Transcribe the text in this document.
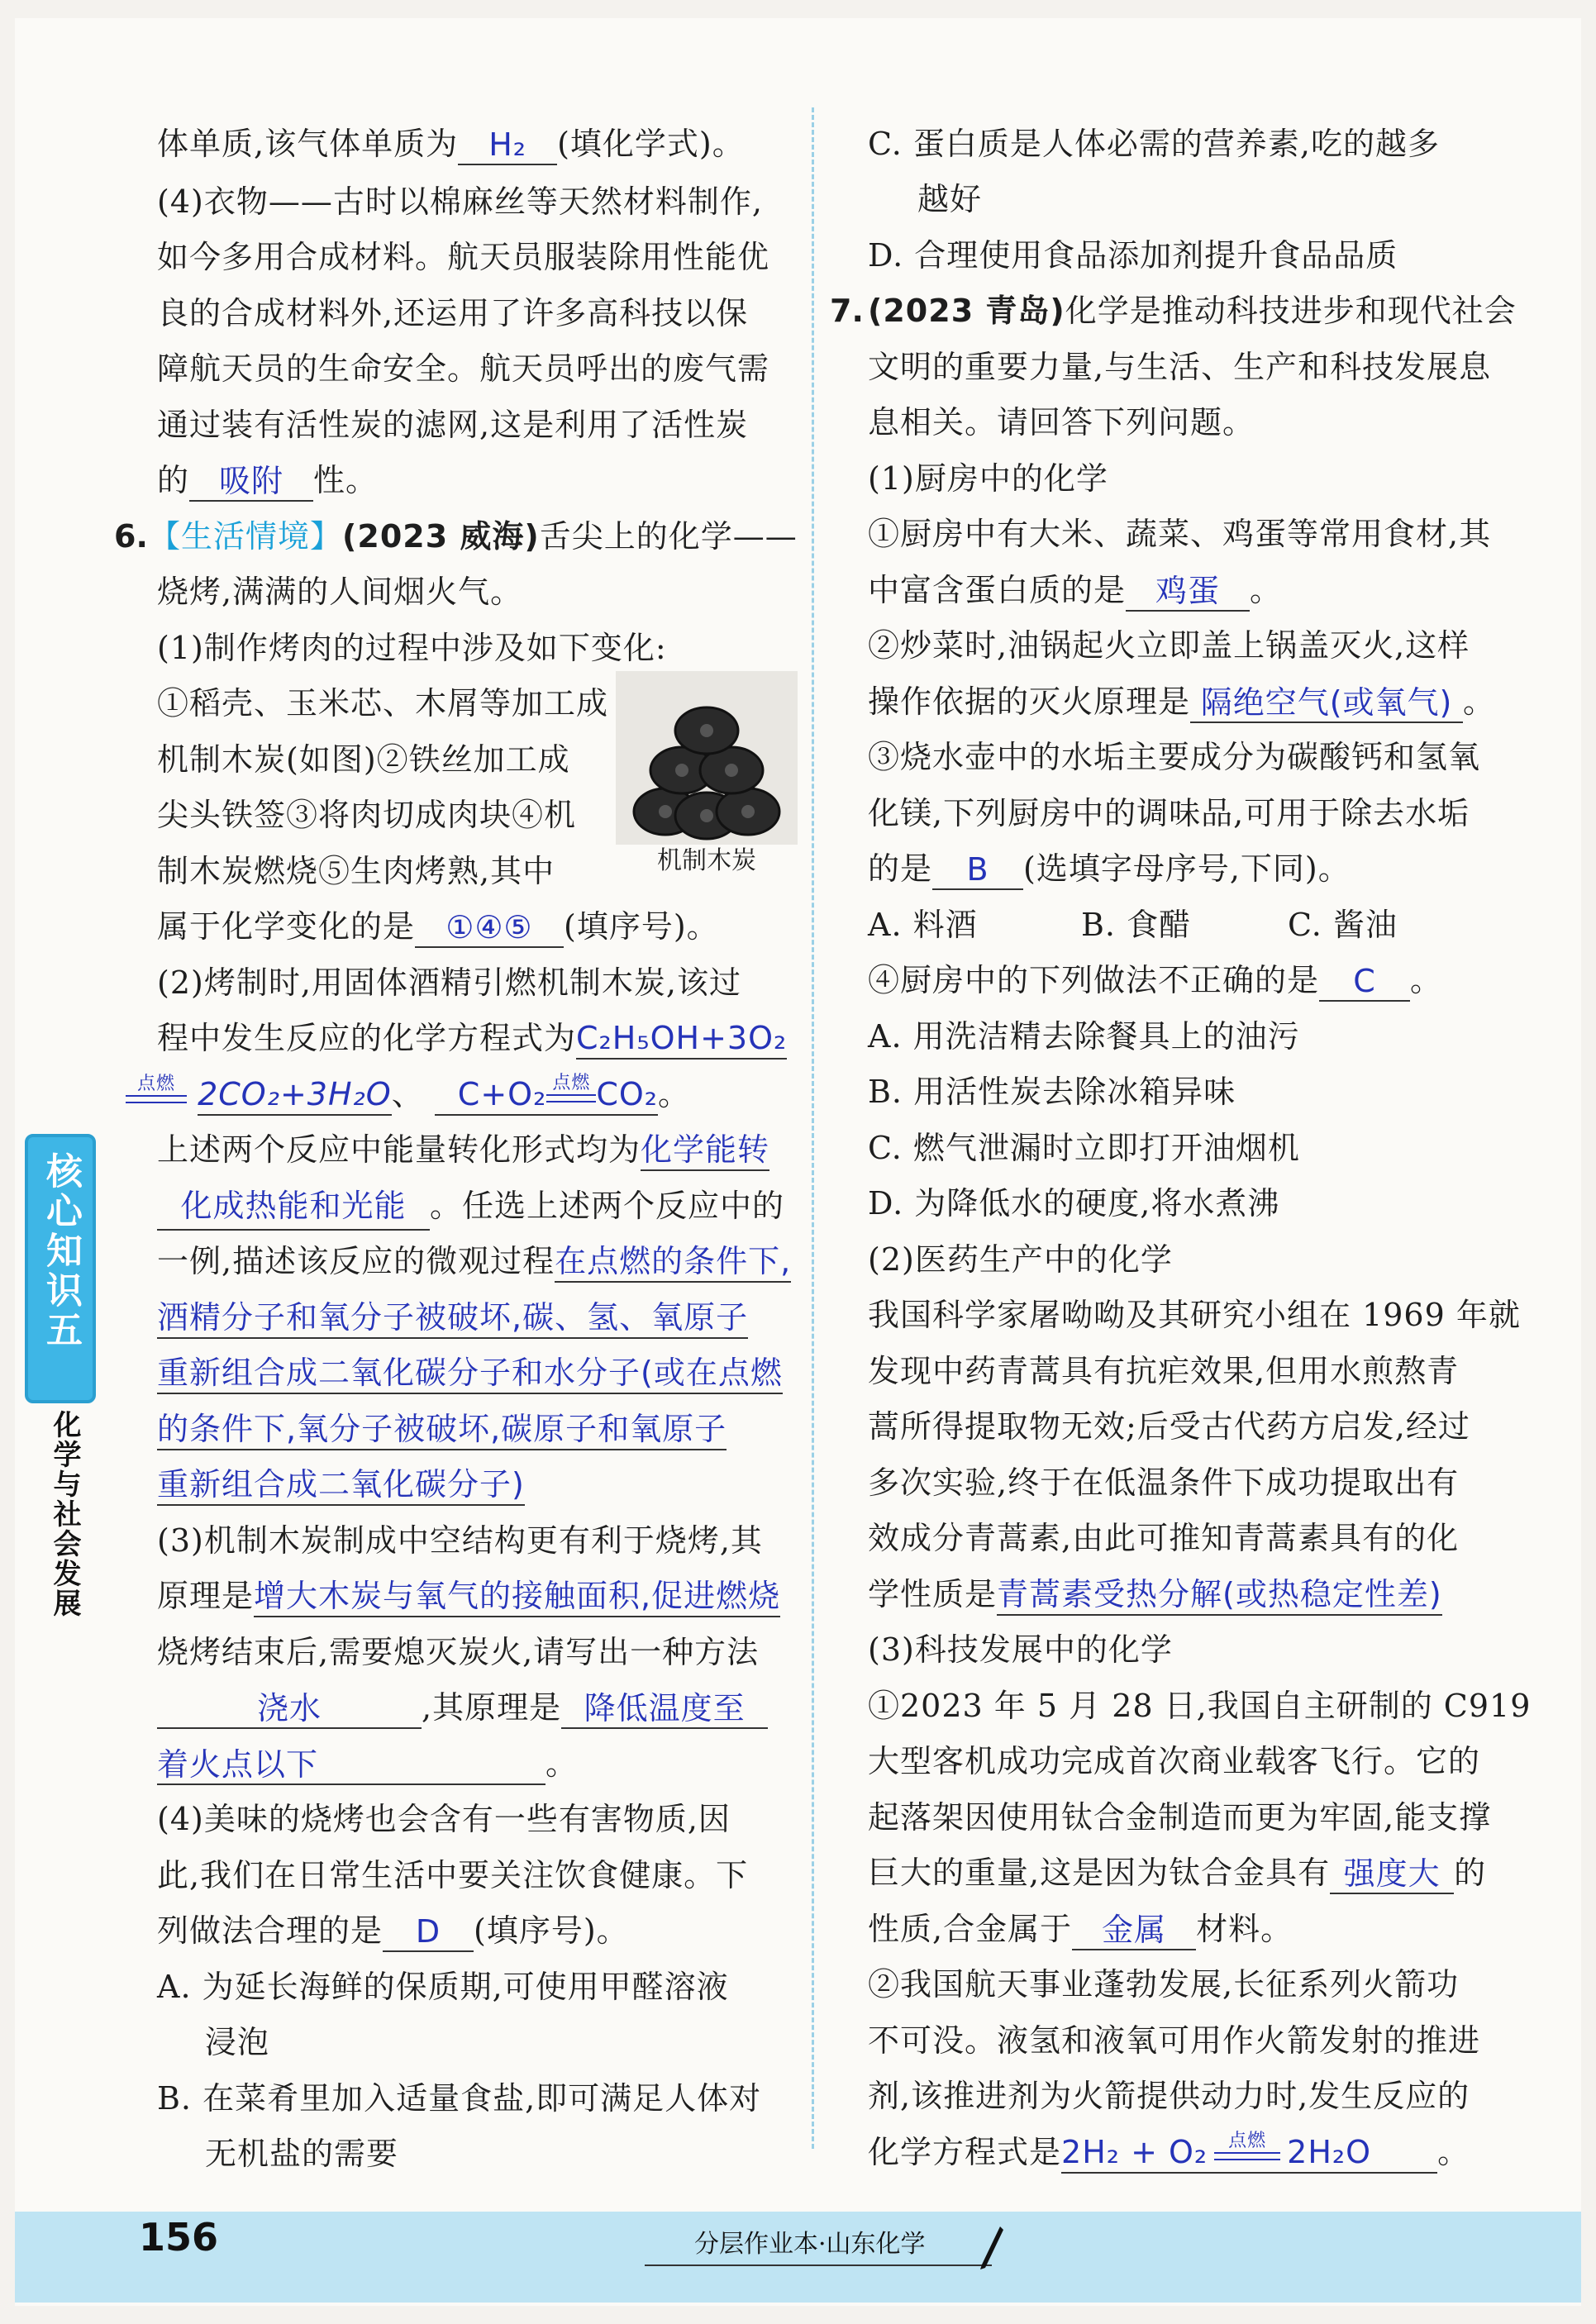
体单质,该气体单质为 H₂ (填化学式)。
(4)衣物——古时以棉麻丝等天然材料制作,
如今多用合成材料。航天员服装除用性能优
良的合成材料外,还运用了许多高科技以保
障航天员的生命安全。航天员呼出的废气需
通过装有活性炭的滤网,这是利用了活性炭
的 吸附 性。
6. 【生活情境】(2023 威海)舌尖上的化学——
烧烤,满满的人间烟火气。
(1)制作烤肉的过程中涉及如下变化:
①稻壳、玉米芯、木屑等加工成
机制木炭(如图)②铁丝加工成
尖头铁签③将肉切成肉块④机
制木炭燃烧⑤生肉烤熟,其中	机制木炭
属于化学变化的是 ①④⑤ (填序号)。
(2)烤制时,用固体酒精引燃机制木炭,该过
程中发生反应的化学方程式为C₂H₅OH+3O₂
点燃 2CO₂+3H₂O、 C+O₂ 点燃 CO₂。
上述两个反应中能量转化形式均为化学能转
化成热能和光能 。任选上述两个反应中的
一例,描述该反应的微观过程在点燃的条件下,
酒精分子和氧分子被破坏,碳、氢、氧原子
重新组合成二氧化碳分子和水分子(或在点燃
的条件下,氧分子被破坏,碳原子和氧原子
重新组合成二氧化碳分子)
(3)机制木炭制成中空结构更有利于烧烤,其
原理是增大木炭与氧气的接触面积,促进燃烧
烧烤结束后,需要熄灭炭火,请写出一种方法
浇水	,其原理是 降低温度至
着火点以下	。
(4)美味的烧烤也会含有一些有害物质,因
此,我们在日常生活中要关注饮食健康。下
列做法合理的是 D (填序号)。
A. 为延长海鲜的保质期,可使用甲醛溶液
浸泡
B. 在菜肴里加入适量食盐,即可满足人体对
无机盐的需要
C. 蛋白质是人体必需的营养素,吃的越多
越好
D. 合理使用食品添加剂提升食品品质
7. (2023 青岛)化学是推动科技进步和现代社会
文明的重要力量,与生活、生产和科技发展息
息相关。请回答下列问题。
(1)厨房中的化学
①厨房中有大米、蔬菜、鸡蛋等常用食材,其
中富含蛋白质的是 鸡蛋 。
②炒菜时,油锅起火立即盖上锅盖灭火,这样
操作依据的灭火原理是 隔绝空气(或氧气) 。
③烧水壶中的水垢主要成分为碳酸钙和氢氧
化镁,下列厨房中的调味品,可用于除去水垢
的是 B (选填字母序号,下同)。
A. 料酒	B. 食醋	C. 酱油
④厨房中的下列做法不正确的是 C 。
A. 用洗洁精去除餐具上的油污
B. 用活性炭去除冰箱异味
C. 燃气泄漏时立即打开油烟机
D. 为降低水的硬度,将水煮沸
(2)医药生产中的化学
我国科学家屠呦呦及其研究小组在 1969 年就
发现中药青蒿具有抗疟效果,但用水煎熬青
蒿所得提取物无效;后受古代药方启发,经过
多次实验,终于在低温条件下成功提取出有
效成分青蒿素,由此可推知青蒿素具有的化
学性质是青蒿素受热分解(或热稳定性差)
(3)科技发展中的化学
①2023 年 5 月 28 日,我国自主研制的 C919
大型客机成功完成首次商业载客飞行。它的
起落架因使用钛合金制造而更为牢固,能支撑
巨大的重量,这是因为钛合金具有 强度大 的
性质,合金属于 金属 材料。
②我国航天事业蓬勃发展,长征系列火箭功
不可没。液氢和液氧可用作火箭发射的推进
剂,该推进剂为火箭提供动力时,发生反应的
化学方程式是2H₂ + O₂	点燃 2H₂O 。
核心知识五
化学与社会发展
156	分层作业本·山东化学
